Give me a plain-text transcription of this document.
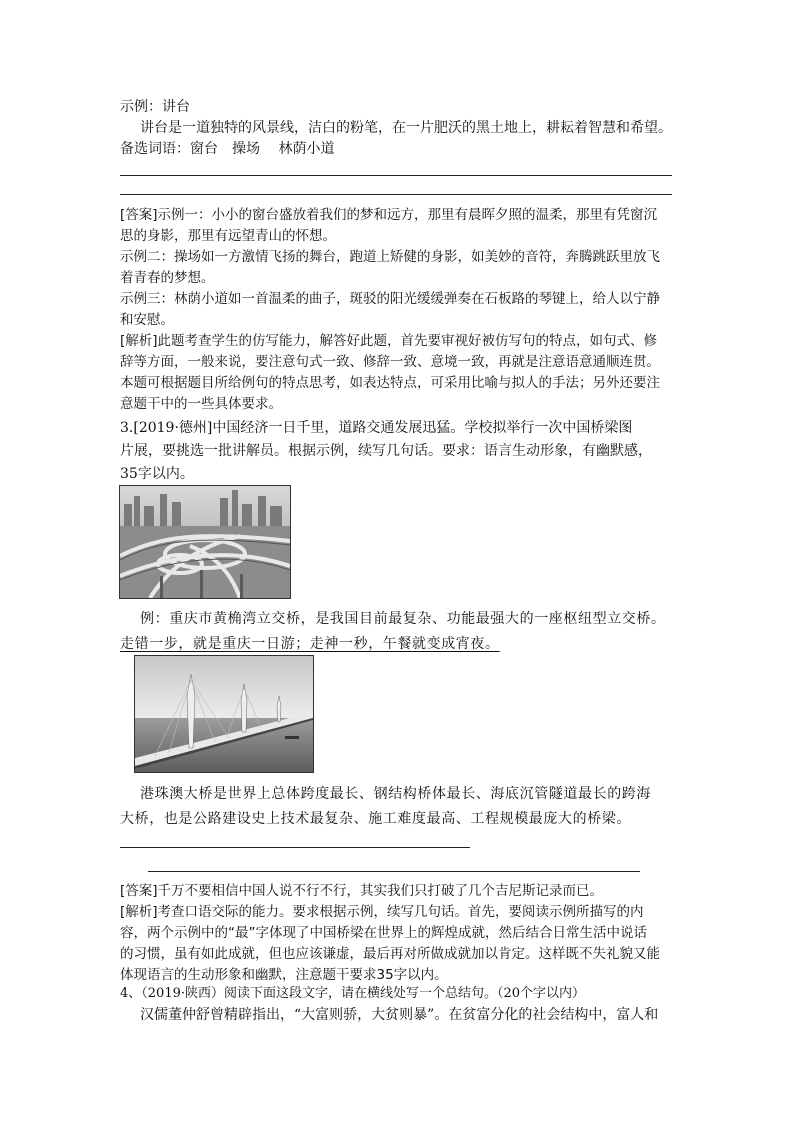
示例：讲台
讲台是一道独特的风景线，洁白的粉笔，在一片肥沃的黑土地上，耕耘着智慧和希望。
备选词语：窗台　操场　 林荫小道
[答案]示例一：小小的窗台盛放着我们的梦和远方，那里有晨晖夕照的温柔，那里有凭窗沉
思的身影，那里有远望青山的怀想。
示例二：操场如一方激情飞扬的舞台，跑道上矫健的身影，如美妙的音符，奔腾跳跃里放飞
着青春的梦想。
示例三：林荫小道如一首温柔的曲子，斑驳的阳光缓缓弹奏在石板路的琴键上，给人以宁静
和安慰。
[解析]此题考查学生的仿写能力，解答好此题，首先要审视好被仿写句的特点，如句式、修
辞等方面，一般来说，要注意句式一致、修辞一致、意境一致，再就是注意语意通顺连贯。
本题可根据题目所给例句的特点思考，如表达特点，可采用比喻与拟人的手法；另外还要注
意题干中的一些具体要求。
3.[2019·德州]中国经济一日千里，道路交通发展迅猛。学校拟举行一次中国桥梁图
片展，要挑选一批讲解员。根据示例，续写几句话。要求：语言生动形象，有幽默感，
35字以内。
例：重庆市黄桷湾立交桥，是我国目前最复杂、功能最强大的一座枢纽型立交桥。
走错一步，就是重庆一日游；走神一秒，午餐就变成宵夜。
港珠澳大桥是世界上总体跨度最长、钢结构桥体最长、海底沉管隧道最长的跨海
大桥，也是公路建设史上技术最复杂、施工难度最高、工程规模最庞大的桥梁。
[答案]千万不要相信中国人说不行不行，其实我们只打破了几个吉尼斯记录而已。
[解析]考查口语交际的能力。要求根据示例，续写几句话。首先，要阅读示例所描写的内
容，两个示例中的“最”字体现了中国桥梁在世界上的辉煌成就，然后结合日常生活中说话
的习惯，虽有如此成就，但也应该谦虚，最后再对所做成就加以肯定。这样既不失礼貌又能
体现语言的生动形象和幽默，注意题干要求35字以内。
4、（2019·陕西）阅读下面这段文字，请在横线处写一个总结句。（20个字以内）
汉儒董仲舒曾精辟指出，“大富则骄，大贫则暴”。在贫富分化的社会结构中，富人和
